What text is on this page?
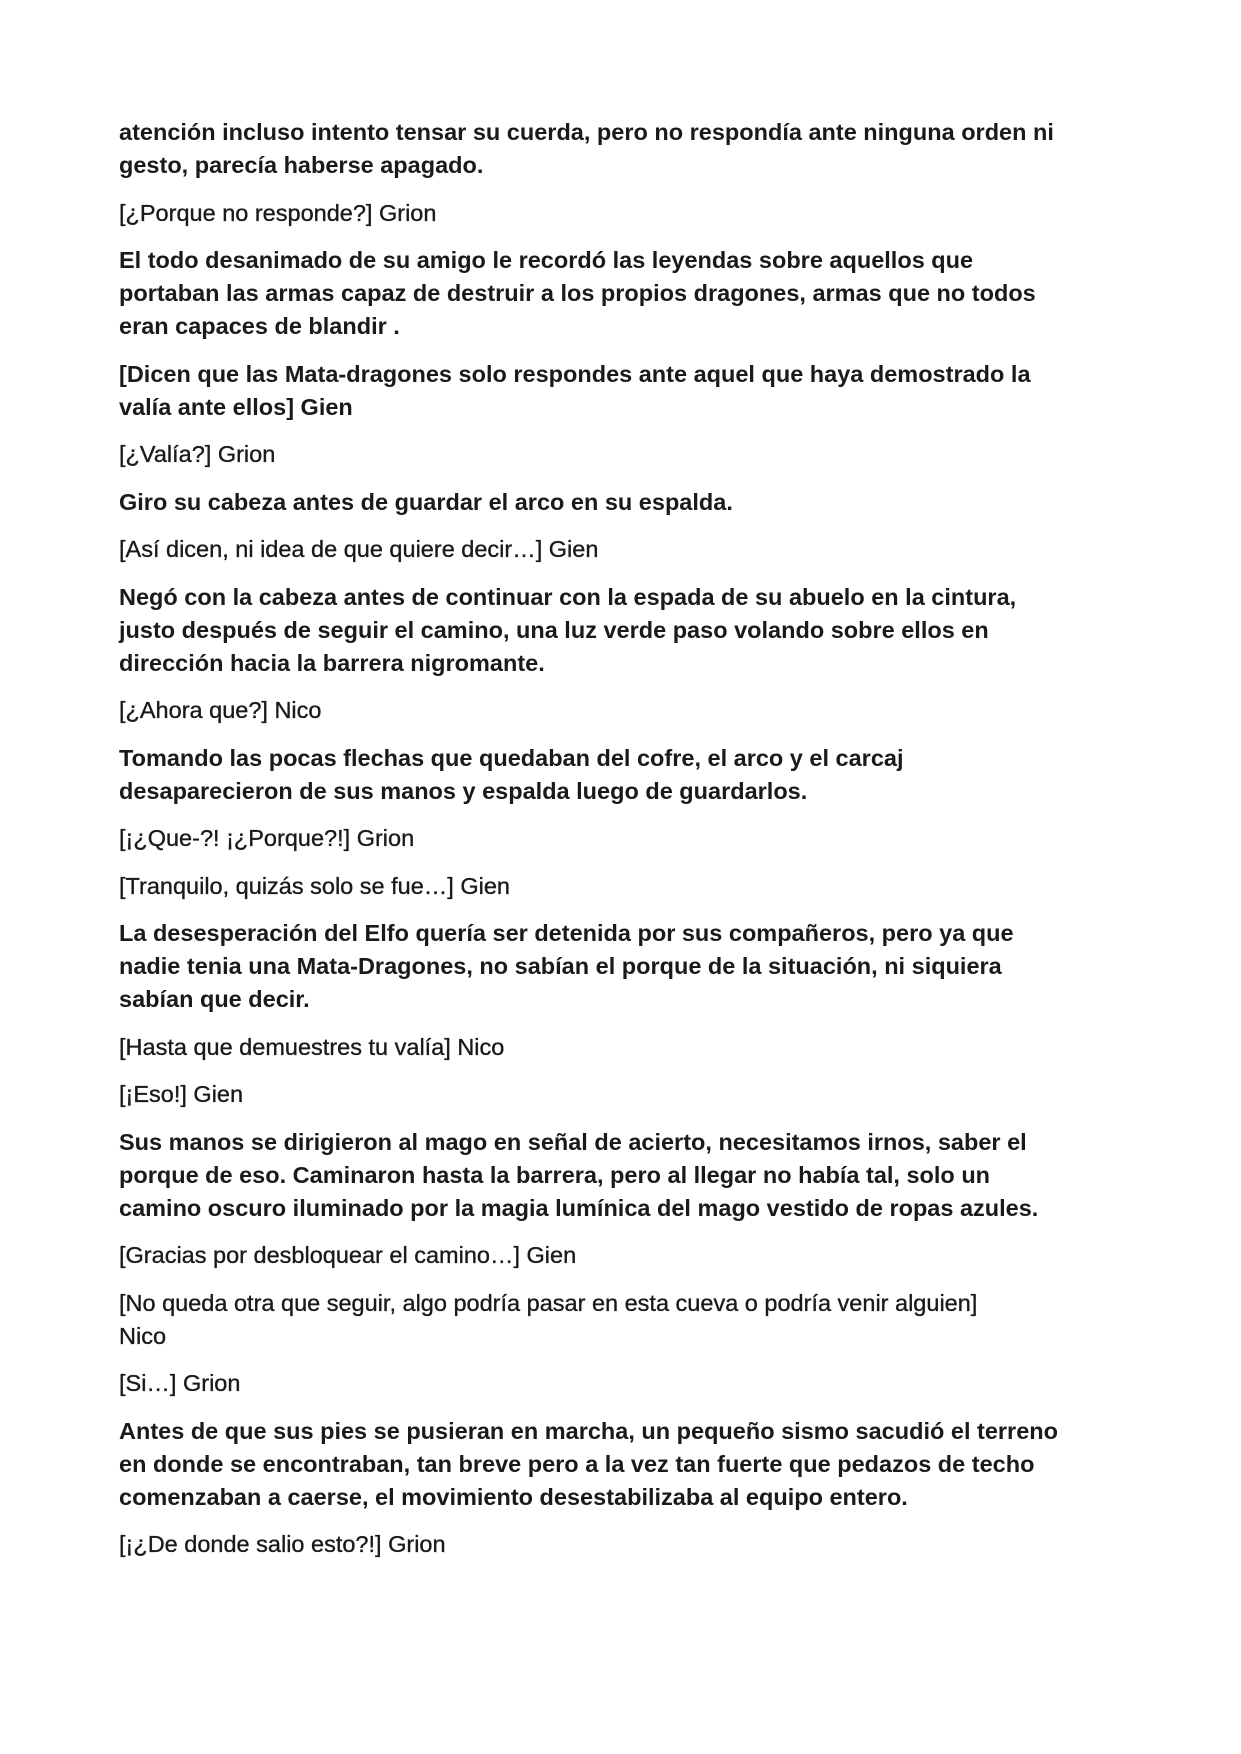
atención incluso intento tensar su cuerda, pero no respondía ante ninguna orden ni
gesto, parecía haberse apagado.
[¿Porque no responde?] Grion
El todo desanimado de su amigo le recordó las leyendas sobre aquellos que
portaban las armas capaz de destruir a los propios dragones, armas que no todos
eran capaces de blandir .
[Dicen que las Mata-dragones solo respondes ante aquel que haya demostrado la
valía ante ellos] Gien
[¿Valía?] Grion
Giro su cabeza antes de guardar el arco en su espalda.
[Así dicen, ni idea de que quiere decir…] Gien
Negó con la cabeza antes de continuar con la espada de su abuelo en la cintura,
justo después de seguir el camino, una luz verde paso volando sobre ellos en
dirección hacia la barrera nigromante.
[¿Ahora que?] Nico
Tomando las pocas flechas que quedaban del cofre, el arco y el carcaj
desaparecieron de sus manos y espalda luego de guardarlos.
[¡¿Que-?! ¡¿Porque?!] Grion
[Tranquilo, quizás solo se fue…] Gien
La desesperación del Elfo quería ser detenida por sus compañeros, pero ya que
nadie tenia una Mata-Dragones, no sabían el porque de la situación, ni siquiera
sabían que decir.
[Hasta que demuestres tu valía] Nico
[¡Eso!] Gien
Sus manos se dirigieron al mago en señal de acierto, necesitamos irnos, saber el
porque de eso. Caminaron hasta la barrera, pero al llegar no había tal, solo un
camino oscuro iluminado por la magia lumínica del mago vestido de ropas azules.
[Gracias por desbloquear el camino…] Gien
[No queda otra que seguir, algo podría pasar en esta cueva o podría venir alguien]
Nico
[Si…] Grion
Antes de que sus pies se pusieran en marcha, un pequeño sismo sacudió el terreno
en donde se encontraban, tan breve pero a la vez tan fuerte que pedazos de techo
comenzaban a caerse, el movimiento desestabilizaba al equipo entero.
[¡¿De donde salio esto?!] Grion
